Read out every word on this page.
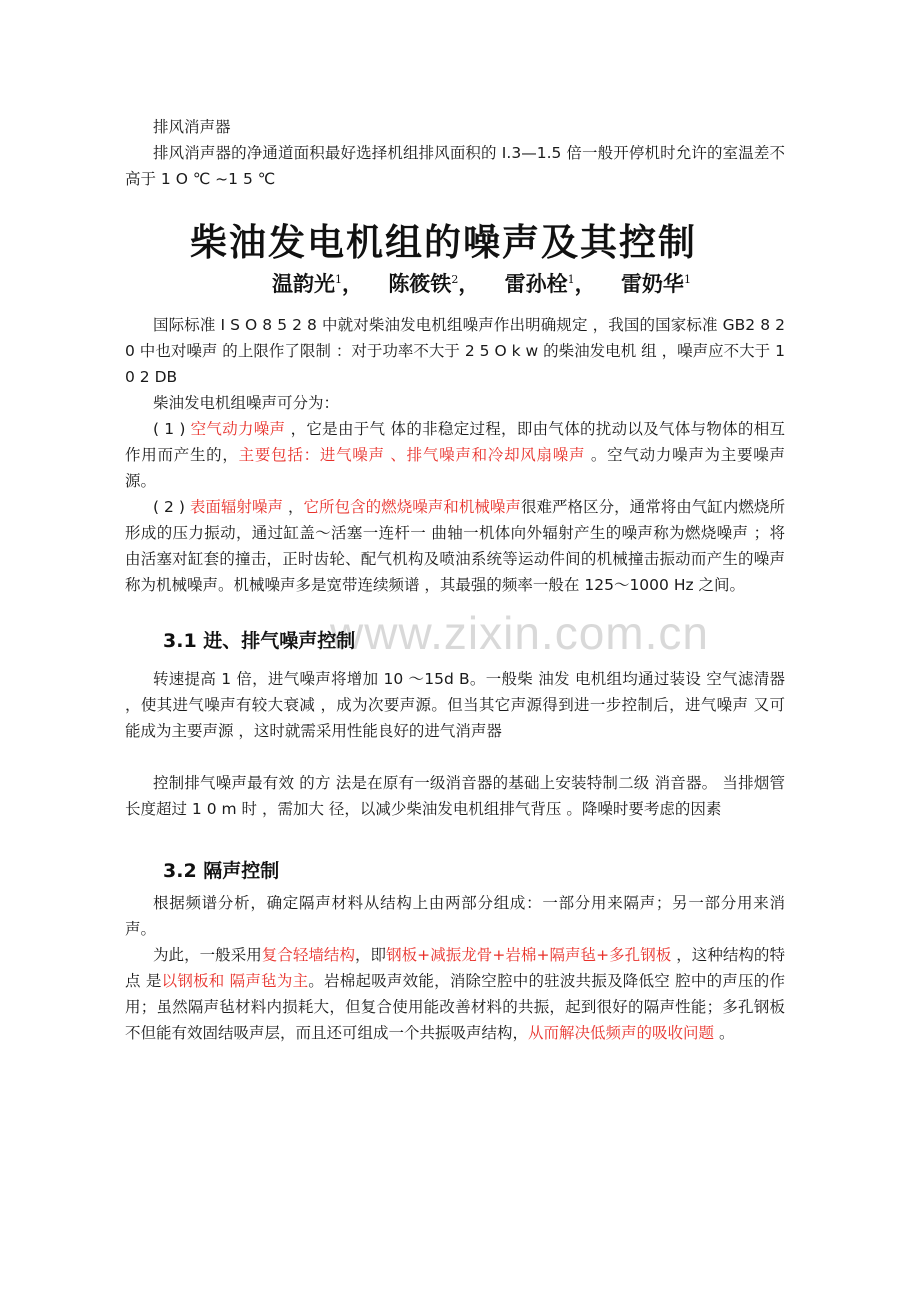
排风消声器

排风消声器的净通道面积最好选择机组排风面积的 Ⅰ.3—1.5 倍一般开停机时允许的室温差不高于 1 O ℃ ~1 5 ℃

柴油发电机组的噪声及其控制

温韵光$^1$， 陈筱铁$^2$， 雷孙栓$^1$， 雷奶华$^1$

国际标准 I S O 8 5 2 8 中就对柴油发电机组噪声作出明确规定 ，我国的国家标准 GB2 8 2 0 中也对噪声 的上限作了限制 ：对于功率不大于 2 5 O k w 的柴油发电机 组 ，噪声应不大于 1 0 2 DB

柴油发电机组噪声可分为：

( 1 ) 空气动力噪声 ，它是由于气 体的非稳定过程，即由气体的扰动以及气体与物体的相互作用而产生的，主要包括：进气噪声 、排气噪声和冷却风扇噪声 。空气动力噪声为主要噪声源。

( 2 ) 表面辐射噪声 ，它所包含的燃烧噪声和机械噪声很难严格区分，通常将由气缸内燃烧所形成的压力振动，通过缸盖～活塞一连杆一 曲轴一机体向外辐射产生的噪声称为燃烧噪声 ；将由活塞对缸套的撞击，正时齿轮、配气机构及喷油系统等运动件间的机械撞击振动而产生的噪声称为机械噪声。机械噪声多是宽带连续频谱 ，其最强的频率一般在 125～1000 Hz 之间。

www.zixin.com.cn
3.1 进、排气噪声控制

转速提高 1 倍，进气噪声将增加 10 ～15d B。一般柴 油发 电机组均通过装设 空气滤清器 ，使其进气噪声有较大衰减 ，成为次要声源。但当其它声源得到进一步控制后，进气噪声 又可能成为主要声源 ，这时就需采用性能良好的进气消声器

控制排气噪声最有效 的方 法是在原有一级消音器的基础上安装特制二级 消音器。 当排烟管长度超过 1 0 m 时 ，需加大 径，以减少柴油发电机组排气背压 。降噪时要考虑的因素

3.2 隔声控制

根据频谱分析，确定隔声材料从结构上由两部分组成：一部分用来隔声；另一部分用来消声。

为此，一般采用复合轻墙结构，即钢板+减振龙骨+岩棉+隔声毡+多孔钢板 ，这种结构的特点 是以钢板和 隔声毡为主。岩棉起吸声效能，消除空腔中的驻波共振及降低空 腔中的声压的作用；虽然隔声毡材料内损耗大，但复合使用能改善材料的共振，起到很好的隔声性能；多孔钢板不但能有效固结吸声层，而且还可组成一个共振吸声结构，从而解决低频声的吸收问题 。
